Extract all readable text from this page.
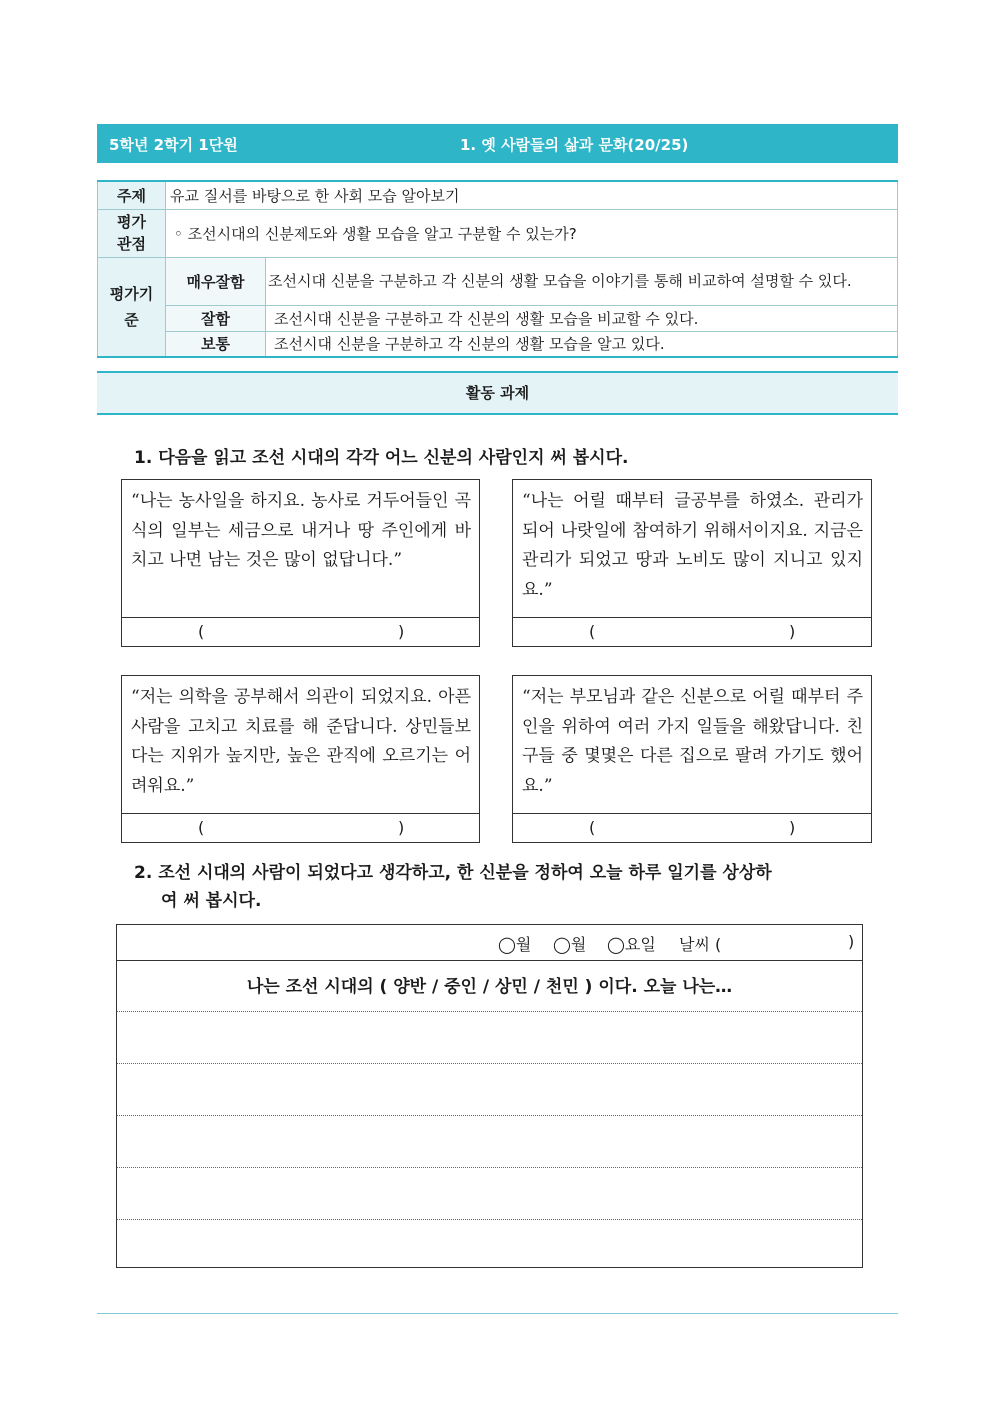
5학년 2학기 1단원	1. 옛 사람들의 삶과 문화(20/25)
주제	유교 질서를 바탕으로 한 사회 모습 알아보기	

평가
관점	◦ 조선시대의 신분제도와 생활 모습을 알고 구분할 수 있는가?	

평가기
준	매우잘함	조선시대 신분을 구분하고 각 신분의 생활 모습을 이야기를 통해 비교하여 설명할 수 있다.
	잘함	조선시대 신분을 구분하고 각 신분의 생활 모습을 비교할 수 있다.
	보통	조선시대 신분을 구분하고 각 신분의 생활 모습을 알고 있다.
활동 과제
1. 다음을 읽고 조선 시대의 각각 어느 신분의 사람인지 써 봅시다.
“나는 농사일을 하지요. 농사로 거두어들인 곡식의 일부는 세금으로 내거나 땅 주인에게 바치고 나면 남는 것은 많이 없답니다.”
(	)
“나는 어릴 때부터 글공부를 하였소. 관리가 되어 나랏일에 참여하기 위해서이지요. 지금은 관리가 되었고 땅과 노비도 많이 지니고 있지요.”
(	)
“저는 의학을 공부해서 의관이 되었지요. 아픈 사람을 고치고 치료를 해 준답니다. 상민들보다는 지위가 높지만, 높은 관직에 오르기는 어려워요.”
(	)
“저는 부모님과 같은 신분으로 어릴 때부터 주인을 위하여 여러 가지 일들을 해왔답니다. 친구들 중 몇몇은 다른 집으로 팔려 가기도 했어요.”
(	)
2. 조선 시대의 사람이 되었다고 생각하고, 한 신분을 정하여 오늘 하루 일기를 상상하
여 써 봅시다.
◯월 ◯월 ◯요일 날씨 (	)
나는 조선 시대의 ( 양반 / 중인 / 상민 / 천민 ) 이다. 오늘 나는…
